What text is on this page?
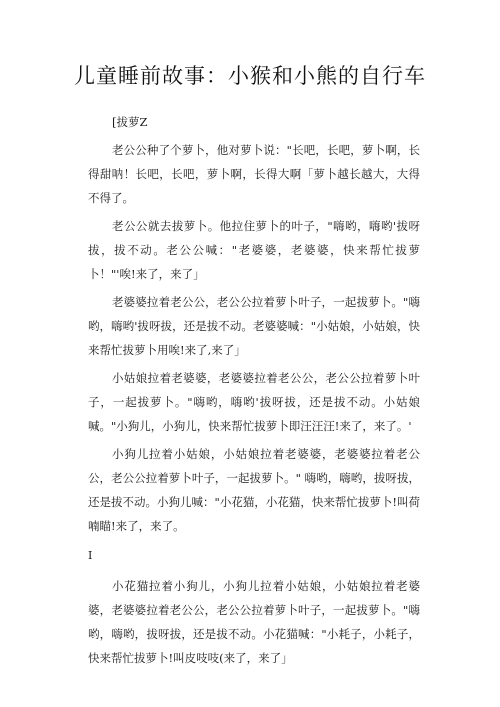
儿童睡前故事：小猴和小熊的自行车

[拔萝Z

老公公种了个萝卜，他对萝卜说："长吧，长吧，萝卜啊，长得甜呐！长吧，长吧，萝卜啊，长得大啊「萝卜越长越大，大得不得了。

老公公就去拔萝卜。他拉住萝卜的叶子，"嗨哟，嗨哟'拔呀拔，拔不动。老公公喊："老婆婆，老婆婆，快来帮忙拔萝卜！"'唉!来了，来了」

老婆婆拉着老公公，老公公拉着萝卜叶子，一起拔萝卜。"嗨哟，嗨哟'拔呀拔，还是拔不动。老婆婆喊："小姑娘，小姑娘，快来帮忙拔萝卜用唉!来了,来了」

小姑娘拉着老婆婆，老婆婆拉着老公公，老公公拉着萝卜叶子，一起拔萝卜。"嗨哟，嗨哟'拔呀拔，还是拔不动。小姑娘喊。"小狗儿，小狗儿，快来帮忙拔萝卜即汪汪汪!来了，来了。'

小狗儿拉着小姑娘，小姑娘拉着老婆婆，老婆婆拉着老公公，老公公拉着萝卜叶子，一起拔萝卜。" 嗨哟，嗨哟，拔呀拔，还是拔不动。小狗儿喊："小花猫，小花猫，快来帮忙拔萝卜!叫荷喃瞄!来了，来了。

I

小花猫拉着小狗儿，小狗儿拉着小姑娘，小姑娘拉着老婆婆，老婆婆拉着老公公，老公公拉着萝卜叶子，一起拔萝卜。"嗨哟，嗨哟，拔呀拔，还是拔不动。小花猫喊："小耗子，小耗子，快来帮忙拔萝卜!叫皮吱吱(来了，来了」
